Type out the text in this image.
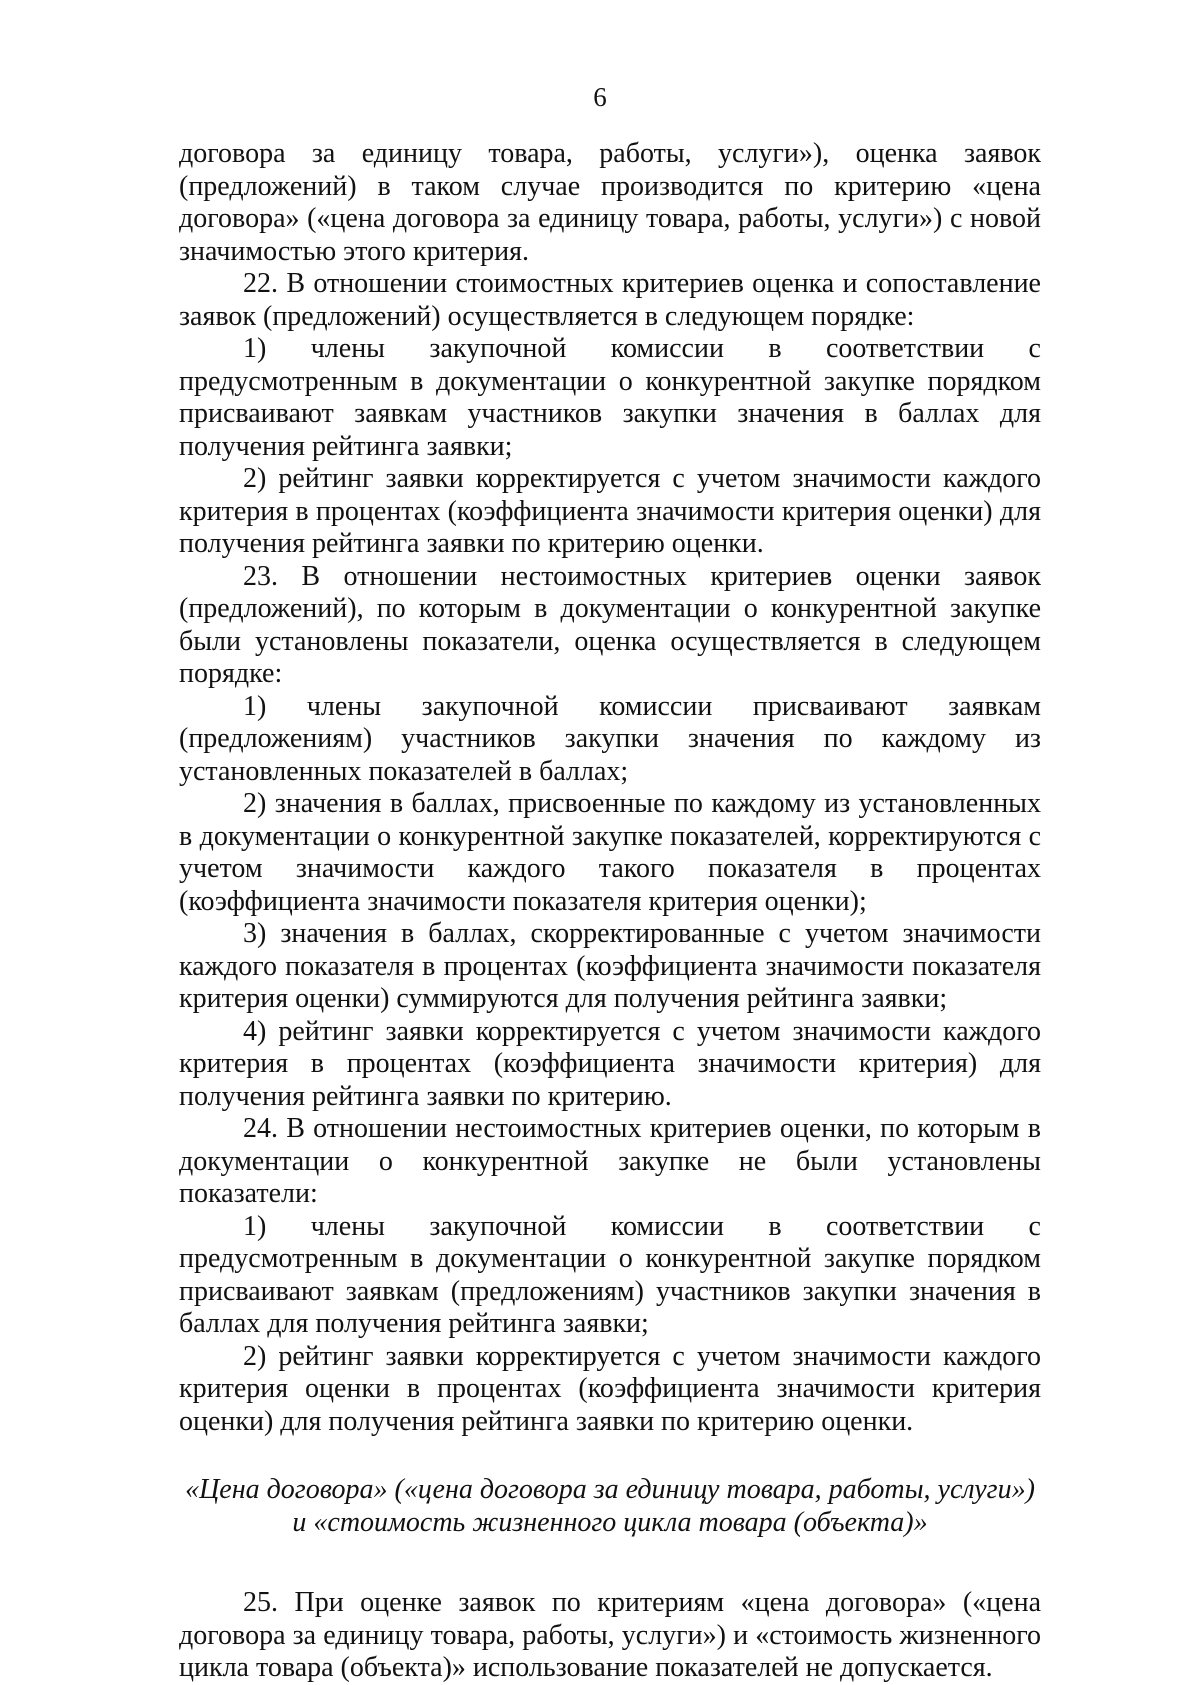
6

договора за единицу товара, работы, услуги»), оценка заявок (предложений) в таком случае производится по критерию «цена договора» («цена договора за единицу товара, работы, услуги») с новой значимостью этого критерия.

22. В отношении стоимостных критериев оценка и сопоставление заявок (предложений) осуществляется в следующем порядке:

1) члены закупочной комиссии в соответствии с предусмотренным в документации о конкурентной закупке порядком присваивают заявкам участников закупки значения в баллах для получения рейтинга заявки;

2) рейтинг заявки корректируется с учетом значимости каждого критерия в процентах (коэффициента значимости критерия оценки) для получения рейтинга заявки по критерию оценки.

23. В отношении нестоимостных критериев оценки заявок (предложений), по которым в документации о конкурентной закупке были установлены показатели, оценка осуществляется в следующем порядке:

1) члены закупочной комиссии присваивают заявкам (предложениям) участников закупки значения по каждому из установленных показателей в баллах;

2) значения в баллах, присвоенные по каждому из установленных в документации о конкурентной закупке показателей, корректируются с учетом значимости каждого такого показателя в процентах (коэффициента значимости показателя критерия оценки);

3) значения в баллах, скорректированные с учетом значимости каждого показателя в процентах (коэффициента значимости показателя критерия оценки) суммируются для получения рейтинга заявки;

4) рейтинг заявки корректируется с учетом значимости каждого критерия в процентах (коэффициента значимости критерия) для получения рейтинга заявки по критерию.

24. В отношении нестоимостных критериев оценки, по которым в документации о конкурентной закупке не были установлены показатели:

1) члены закупочной комиссии в соответствии с предусмотренным в документации о конкурентной закупке порядком присваивают заявкам (предложениям) участников закупки значения в баллах для получения рейтинга заявки;

2) рейтинг заявки корректируется с учетом значимости каждого критерия оценки в процентах (коэффициента значимости критерия оценки) для получения рейтинга заявки по критерию оценки.

«Цена договора» («цена договора за единицу товара, работы, услуги»)
и «стоимость жизненного цикла товара (объекта)»

25. При оценке заявок по критериям «цена договора» («цена договора за единицу товара, работы, услуги») и «стоимость жизненного цикла товара (объекта)» использование показателей не допускается.
